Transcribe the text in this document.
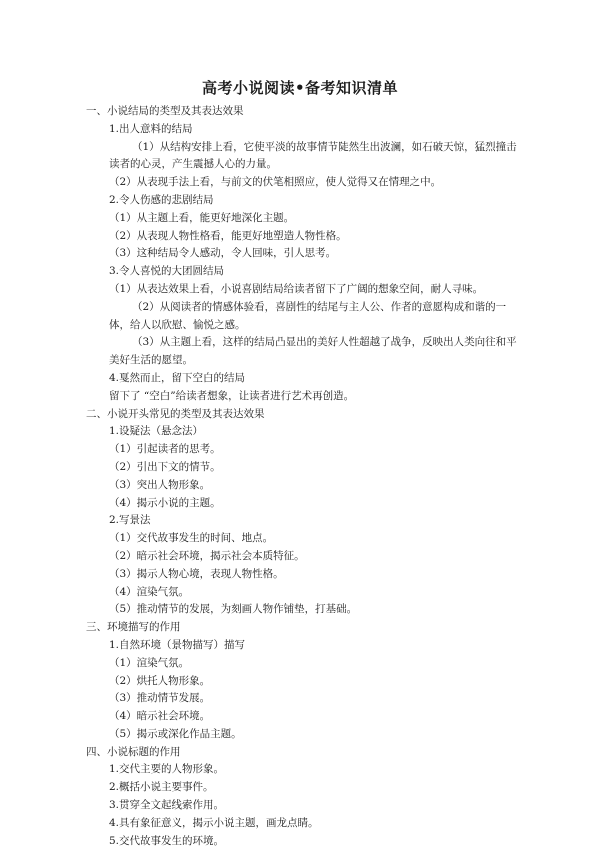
高考小说阅读•备考知识清单
一、小说结局的类型及其表达效果
1.出人意料的结局
（1）从结构安排上看，它使平淡的故事情节陡然生出波澜，如石破天惊，猛烈撞击读者的心灵，产生震撼人心的力量。
（2）从表现手法上看，与前文的伏笔相照应，使人觉得又在情理之中。
2.令人伤感的悲剧结局
（1）从主题上看，能更好地深化主题。
（2）从表现人物性格看，能更好地塑造人物性格。
（3）这种结局令人感动，令人回味，引人思考。
3.令人喜悦的大团圆结局
（1）从表达效果上看，小说喜剧结局给读者留下了广阔的想象空间，耐人寻味。
（2）从阅读者的情感体验看，喜剧性的结尾与主人公、作者的意愿构成和谐的一体，给人以欣慰、愉悦之感。
（3）从主题上看，这样的结局凸显出的美好人性超越了战争，反映出人类向往和平美好生活的愿望。
4.戛然而止，留下空白的结局
留下了 “空白”给读者想象，让读者进行艺术再创造。
二、小说开头常见的类型及其表达效果
1.设疑法（悬念法）
（1）引起读者的思考。
（2）引出下文的情节。
（3）突出人物形象。
（4）揭示小说的主题。
2.写景法
（1）交代故事发生的时间、地点。
（2）暗示社会环境，揭示社会本质特征。
（3）揭示人物心境，表现人物性格。
（4）渲染气氛。
（5）推动情节的发展，为刻画人物作铺垫，打基础。
三、环境描写的作用
1.自然环境（景物描写）描写
（1）渲染气氛。
（2）烘托人物形象。
（3）推动情节发展。
（4）暗示社会环境。
（5）揭示或深化作品主题。
四、小说标题的作用
1.交代主要的人物形象。
2.概括小说主要事件。
3.贯穿全文起线索作用。
4.具有象征意义，揭示小说主题，画龙点睛。
5.交代故事发生的环境。
